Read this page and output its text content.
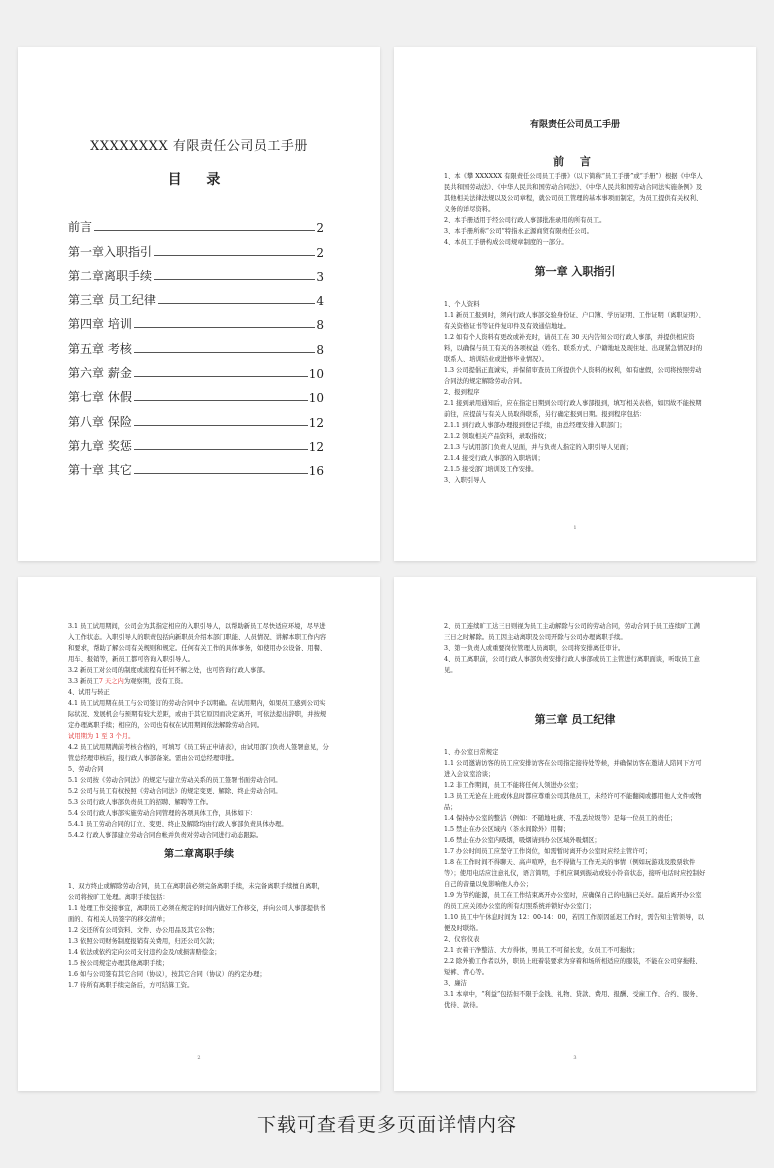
XXXXXXXX 有限责任公司员工手册
目 录
前言	2
第一章入职指引	2
第二章离职手续	3
第三章 员工纪律	4
第四章 培训	8
第五章 考核	8
第六章 薪金	10
第七章 休假	10
第八章 保险	12
第九章 奖惩	12
第十章 其它	16
有限责任公司员工手册
前 言

1、本《攀 XXXXXX 有限责任公司员工手册》（以下简称“员工手册”或“手册”）根据《中华人民共和国劳动法》、《中华人民共和国劳动合同法》、《中华人民共和国劳动合同法实施条例》及其他相关法律法规以及公司章程，就公司员工管理的基本事项而制定，为员工提供有关权利、义务的详尽资料。

2、本手册适用于经公司行政人事部批准录用的所有员工。

3、本手册所称“公司”特指永正源商贸有限责任公司。

4、本员工手册构成公司规章制度的一部分。

第一章 入职指引

1、个人资料

1.1 新员工报到时，须向行政人事部交验身份证、户口簿、学历证明、工作证明（离职证明）、有关资格证书等证件复印件及有效通信地址。

1.2 如有个人资料有更改或补充时，请员工在 30 天内告知公司行政人事部，并提供相应资料，以确保与员工有关的各项权益（姓名、联系方式、户籍地址及现住址、出现紧急情况时的联系人、培训结业或进修毕业情况）。

1.3 公司提倡正直诚实，并保留审查员工所提供个人资料的权利，如有虚假，公司将按照劳动合同法的规定解除劳动合同。

2、报到程序

2.1 接到录用通知后，应在指定日期到公司行政人事部报到，填写相关表格，如因故不能按期前往，应提前与有关人员取得联系，另行确定报到日期。报到程序包括：

2.1.1 到行政人事部办理报到登记手续，由总经理安排入职部门；

2.1.2 领取相关产品资料，录取指纹；

2.1.3 与试用部门负责人见面，并与负责人指定的入职引导人见面；

2.1.4 接受行政人事部的入职培训；

2.1.5 接受部门培训及工作安排。

3、入职引导人

1

3.1 员工试用期间，公司会为其指定相应的入职引导人，以帮助新员工尽快适应环境，尽早进入工作状态。入职引导人的职责包括向新职员介绍本部门职能、人员情况、讲解本职工作内容和要求，帮助了解公司有关规则和规定。任何有关工作的具体事务，如使用办公设备、用餐、用车、报销等，新员工都可咨询入职引导人。

3.2 新员工对公司的制度或流程有任何不解之处，也可咨询行政人事部。

3.3 新员工7 天之内为观察期，没有工资。

4、试用与转正

4.1 员工试用期在员工与公司签订的劳动合同中予以明确。在试用期内，如果员工感到公司实际状况、发展机会与预期有较大差距，或由于其它原因而决定离开，可依法提出辞职，并按规定办理离职手续；相应的，公司也有权在试用期间依法解除劳动合同。

试用期为 1 至 3 个月。

4.2 员工试用期满前考核合格的，可填写《员工转正申请表》，由试用部门负责人签署意见，分管总经理审核后，报行政人事部备案。需由公司总经理审批。

5、劳动合同

5.1 公司按《劳动合同法》的规定与建立劳动关系的员工签署书面劳动合同。

5.2 公司与员工有权按照《劳动合同法》的规定变更、解除、终止劳动合同。

5.3 公司行政人事部负责员工的招聘、解聘等工作。

5.4 公司行政人事部实施劳动合同管理的各项具体工作，具体如下：

5.4.1 员工劳动合同的订立、变更、终止及解除均由行政人事部负责具体办理。

5.4.2 行政人事部建立劳动合同台帐并负责对劳动合同进行动态跟踪。

第二章离职手续

1、双方终止或解除劳动合同，员工在离职前必须完备离职手续，未完备离职手续擅自离职，公司将按旷工处理。离职手续包括：

1.1 处理工作交接事宜，离职员工必须在规定的时间内做好工作移交，并向公司人事部提供书面的、有相关人员签字的移交清单；

1.2 交还所有公司资料、文件、办公用品及其它公物；

1.3 依照公司财务制度报销有关费用，归还公司欠款；

1.4 依法或依约定向公司支付违约金及/或损害赔偿金；

1.5 按公司规定办理其他离职手续；

1.6 如与公司签有其它合同（协议），按其它合同（协议）的约定办理；

1.7 待所有离职手续完备后，方可结算工资。

2

2、员工连续旷工达三日则视为员工主动解除与公司的劳动合同，劳动合同于员工连续旷工满三日之时解除。员工因主动离职及公司开除与公司办理离职手续。

3、第一负责人或重要岗位管理人员离职，公司将安排离任审计。

4、员工离职前，公司行政人事部负责安排行政人事部或员工主管进行离职面谈，听取员工意见。

第三章 员工纪律

1、办公室日常规定

1.1 公司邀请访客的员工应安排访客在公司指定接待处等候，并确保访客在邀请人陪同下方可进入会议室洽谈；

1.2 非工作期间，员工不能将任何人领进办公室；

1.3 员工无论在上班或休息时都应尊重公司其他员工，未经许可不能翻阅或挪用他人文件或物品；

1.4 保持办公室的整洁（例如：不随地吐痰、不乱丢垃圾等）是每一位员工的责任；

1.5 禁止在办公区域内（茶水间除外）用餐；

1.6 禁止在办公室内吸烟，吸烟请到办公区域外吸烟区；

1.7 办公时间员工应坚守工作岗位，如需暂时离开办公室时应经主管许可；

1.8 在工作时间不得聊天、高声喧哗，也不得做与工作无关的事情（例如玩游戏及股票软件等）；使用电话应注意礼仪，语言简明，手机应调到振动或较小铃音状态，接听电话时应控制好自己的音量以免影响他人办公；

1.9 为节约能源，员工在工作结束离开办公室时，应确保自己的电脑已关好。最后离开办公室的员工应关闭办公室的所有灯照系统并锁好办公室门；

1.10 员工中午休息时间为 12：00-14：00，若因工作原因延迟工作时，需告知主管领导，以便及时联络。

2、仪容仪表

2.1 衣着干净整洁、大方得体，男员工不可留长发，女员工不可拖妆；

2.2 除外勤工作者以外，职员上班着装要求为穿着和场所相适应的服装，不能在公司穿拖鞋、短裤、背心等。

3、廉洁

3.1 本章中，“利益”包括但不限于金钱、礼物、贷款、费用、报酬、受雇工作、合约、服务、优待、款待。

3
下载可查看更多页面详情内容
